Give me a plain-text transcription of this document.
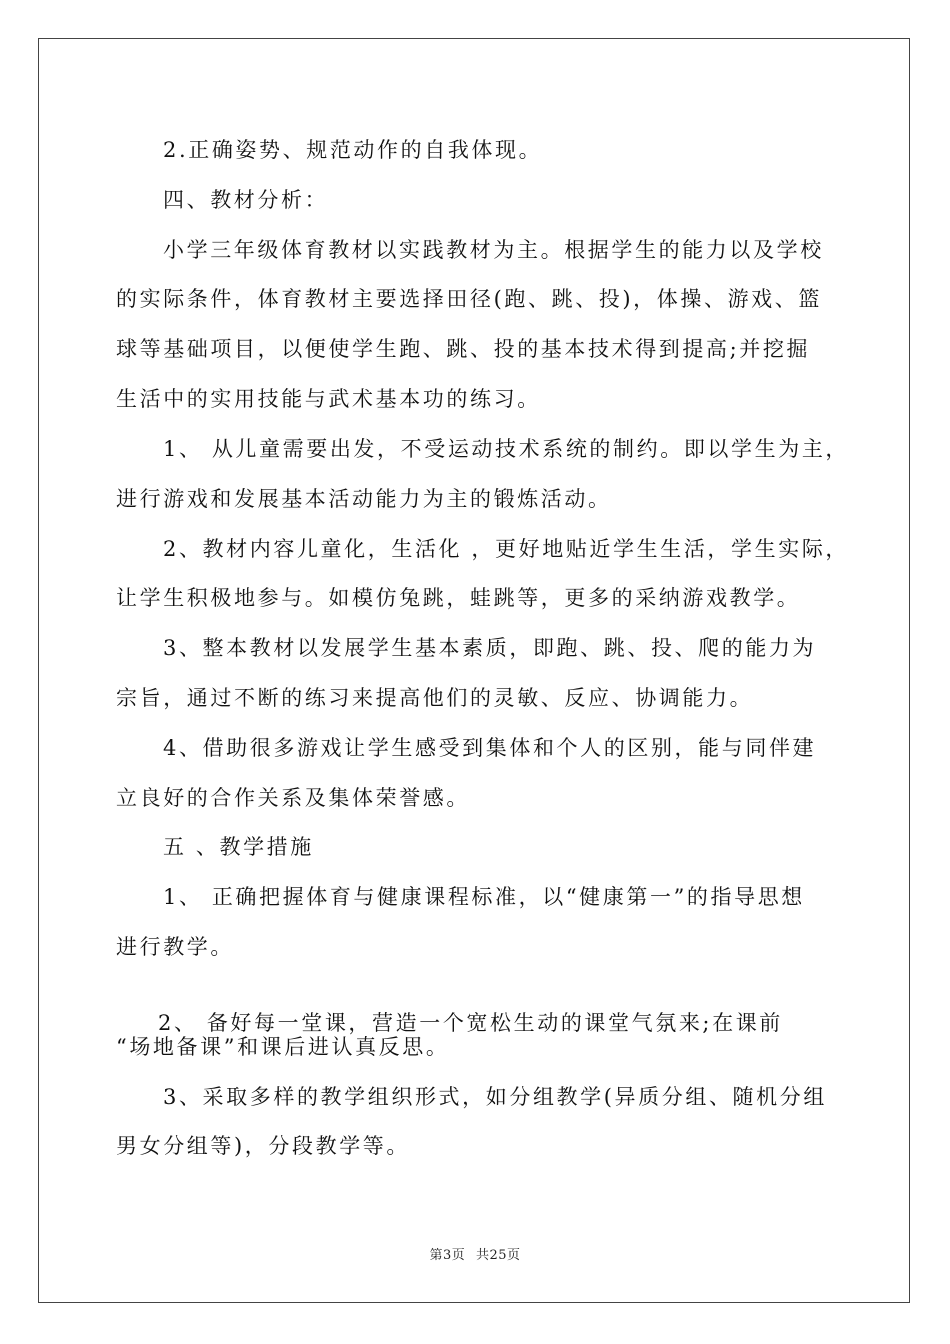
2.正确姿势、规范动作的自我体现。
四、教材分析：
小学三年级体育教材以实践教材为主。根据学生的能力以及学校
的实际条件，体育教材主要选择田径(跑、跳、投)，体操、游戏、篮
球等基础项目，以便使学生跑、跳、投的基本技术得到提高;并挖掘
生活中的实用技能与武术基本功的练习。
1、 从儿童需要出发，不受运动技术系统的制约。即以学生为主，
进行游戏和发展基本活动能力为主的锻炼活动。
2、教材内容儿童化，生活化 ，更好地贴近学生生活，学生实际，
让学生积极地参与。如模仿兔跳，蛙跳等，更多的采纳游戏教学。
3、整本教材以发展学生基本素质，即跑、跳、投、爬的能力为
宗旨，通过不断的练习来提高他们的灵敏、反应、协调能力。
4、借助很多游戏让学生感受到集体和个人的区别，能与同伴建
立良好的合作关系及集体荣誉感。
五 、教学措施
1、 正确把握体育与健康课程标准，以“健康第一”的指导思想
进行教学。
2、 备好每一堂课，营造一个宽松生动的课堂气氛来;在课前
“场地备课”和课后进认真反思。
3、采取多样的教学组织形式，如分组教学(异质分组、随机分组
男女分组等)，分段教学等。
第3页 共25页
